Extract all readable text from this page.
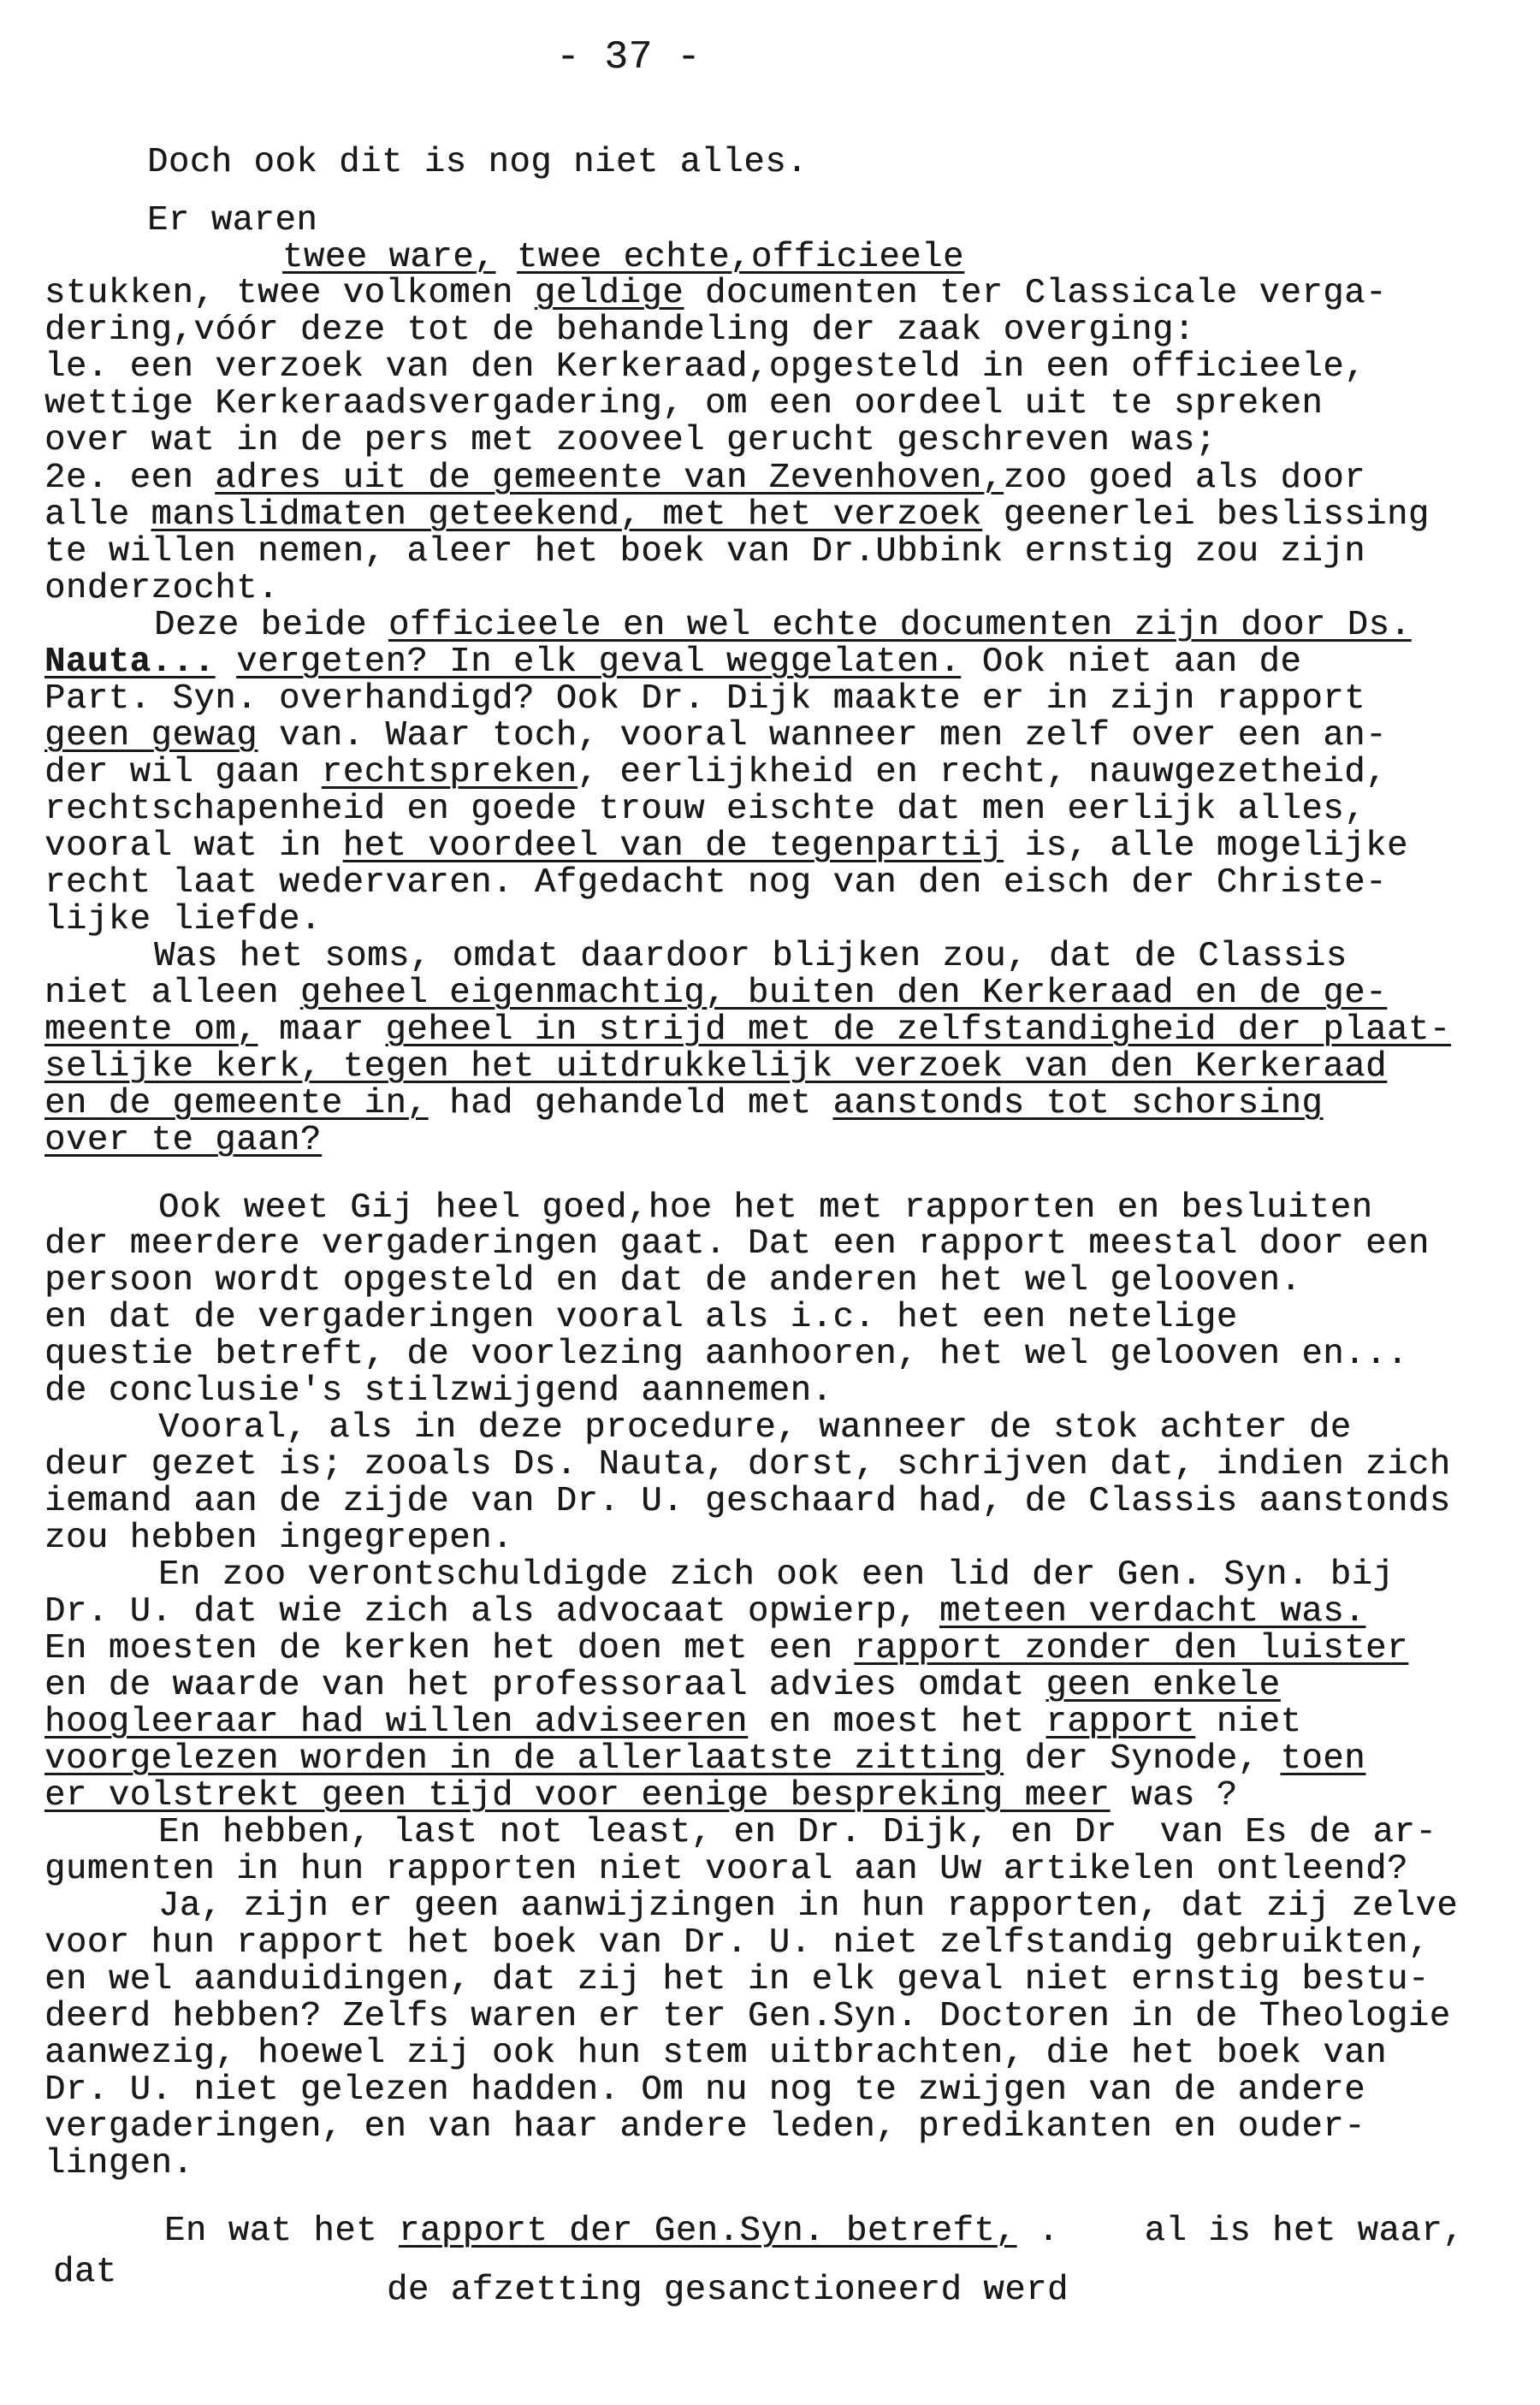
- 37 -
Doch ook dit is nog niet alles.
Er waren
twee ware, twee echte,officieele
stukken, twee volkomen geldige documenten ter Classicale verga-
dering,vóór deze tot de behandeling der zaak overging:
le. een verzoek van den Kerkeraad,opgesteld in een officieele,
wettige Kerkeraadsvergadering, om een oordeel uit te spreken
over wat in de pers met zooveel gerucht geschreven was;
2e. een adres uit de gemeente van Zevenhoven,zoo goed als door
alle manslidmaten geteekend, met het verzoek geenerlei beslissing
te willen nemen, aleer het boek van Dr.Ubbink ernstig zou zijn
onderzocht.
Deze beide officieele en wel echte documenten zijn door Ds.
Nauta... vergeten? In elk geval weggelaten. Ook niet aan de
Part. Syn. overhandigd? Ook Dr. Dijk maakte er in zijn rapport
geen gewag van. Waar toch, vooral wanneer men zelf over een an-
der wil gaan rechtspreken, eerlijkheid en recht, nauwgezetheid,
rechtschapenheid en goede trouw eischte dat men eerlijk alles,
vooral wat in het voordeel van de tegenpartij is, alle mogelijke
recht laat wedervaren. Afgedacht nog van den eisch der Christe-
lijke liefde.
Was het soms, omdat daardoor blijken zou, dat de Classis
niet alleen geheel eigenmachtig, buiten den Kerkeraad en de ge-
meente om, maar geheel in strijd met de zelfstandigheid der plaat-
selijke kerk, tegen het uitdrukkelijk verzoek van den Kerkeraad
en de gemeente in, had gehandeld met aanstonds tot schorsing
over te gaan?
Ook weet Gij heel goed,hoe het met rapporten en besluiten
der meerdere vergaderingen gaat. Dat een rapport meestal door een
persoon wordt opgesteld en dat de anderen het wel gelooven.
en dat de vergaderingen vooral als i.c. het een netelige
questie betreft, de voorlezing aanhooren, het wel gelooven en...
de conclusie's stilzwijgend aannemen.
Vooral, als in deze procedure, wanneer de stok achter de
deur gezet is; zooals Ds. Nauta, dorst, schrijven dat, indien zich
iemand aan de zijde van Dr. U. geschaard had, de Classis aanstonds
zou hebben ingegrepen.
En zoo verontschuldigde zich ook een lid der Gen. Syn. bij
Dr. U. dat wie zich als advocaat opwierp, meteen verdacht was.
En moesten de kerken het doen met een rapport zonder den luister
en de waarde van het professoraal advies omdat geen enkele
hoogleeraar had willen adviseeren en moest het rapport niet
voorgelezen worden in de allerlaatste zitting der Synode, toen
er volstrekt geen tijd voor eenige bespreking meer was ?
En hebben, last not least, en Dr. Dijk, en Dr  van Es de ar-
gumenten in hun rapporten niet vooral aan Uw artikelen ontleend?
Ja, zijn er geen aanwijzingen in hun rapporten, dat zij zelve
voor hun rapport het boek van Dr. U. niet zelfstandig gebruikten,
en wel aanduidingen, dat zij het in elk geval niet ernstig bestu-
deerd hebben? Zelfs waren er ter Gen.Syn. Doctoren in de Theologie
aanwezig, hoewel zij ook hun stem uitbrachten, die het boek van
Dr. U. niet gelezen hadden. Om nu nog te zwijgen van de andere
vergaderingen, en van haar andere leden, predikanten en ouder-
lingen.
En wat het rapport der Gen.Syn. betreft, .    al is het waar,
dat	de afzetting gesanctioneerd werd
